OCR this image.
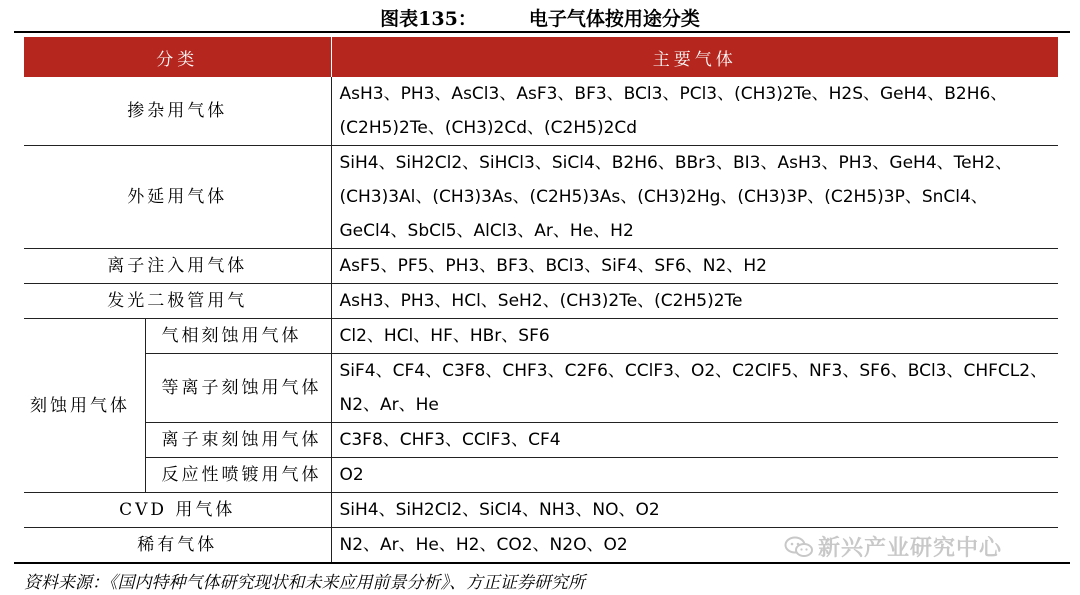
图表135：	电子气体按用途分类
分类		主要气体
掺杂用气体		AsH3、PH3、AsCl3、AsF3、BF3、BCl3、PCl3、(CH3)2Te、H2S、GeH4、B2H6、(C2H5)2Te、(CH3)2Cd、(C2H5)2Cd
外延用气体		SiH4、SiH2Cl2、SiHCl3、SiCl4、B2H6、BBr3、BI3、AsH3、PH3、GeH4、TeH2、(CH3)3Al、(CH3)3As、(C2H5)3As、(CH3)2Hg、(CH3)3P、(C2H5)3P、SnCl4、GeCl4、SbCl5、AlCl3、Ar、He、H2
离子注入用气体		AsF5、PF5、PH3、BF3、BCl3、SiF4、SF6、N2、H2
发光二极管用气		AsH3、PH3、HCl、SeH2、(CH3)2Te、(C2H5)2Te
刻蚀用气体	气相刻蚀用气体	Cl2、HCl、HF、HBr、SF6
	等离子刻蚀用气体	SiF4、CF4、C3F8、CHF3、C2F6、CClF3、O2、C2ClF5、NF3、SF6、BCl3、CHFCL2、N2、Ar、He
	离子束刻蚀用气体	C3F8、CHF3、CClF3、CF4
	反应性喷镀用气体	O2
CVD 用气体		SiH4、SiH2Cl2、SiCl4、NH3、NO、O2
稀有气体		N2、Ar、He、H2、CO2、N2O、O2	新兴产业研究中心
资料来源：《国内特种气体研究现状和未来应用前景分析》、方正证券研究所
